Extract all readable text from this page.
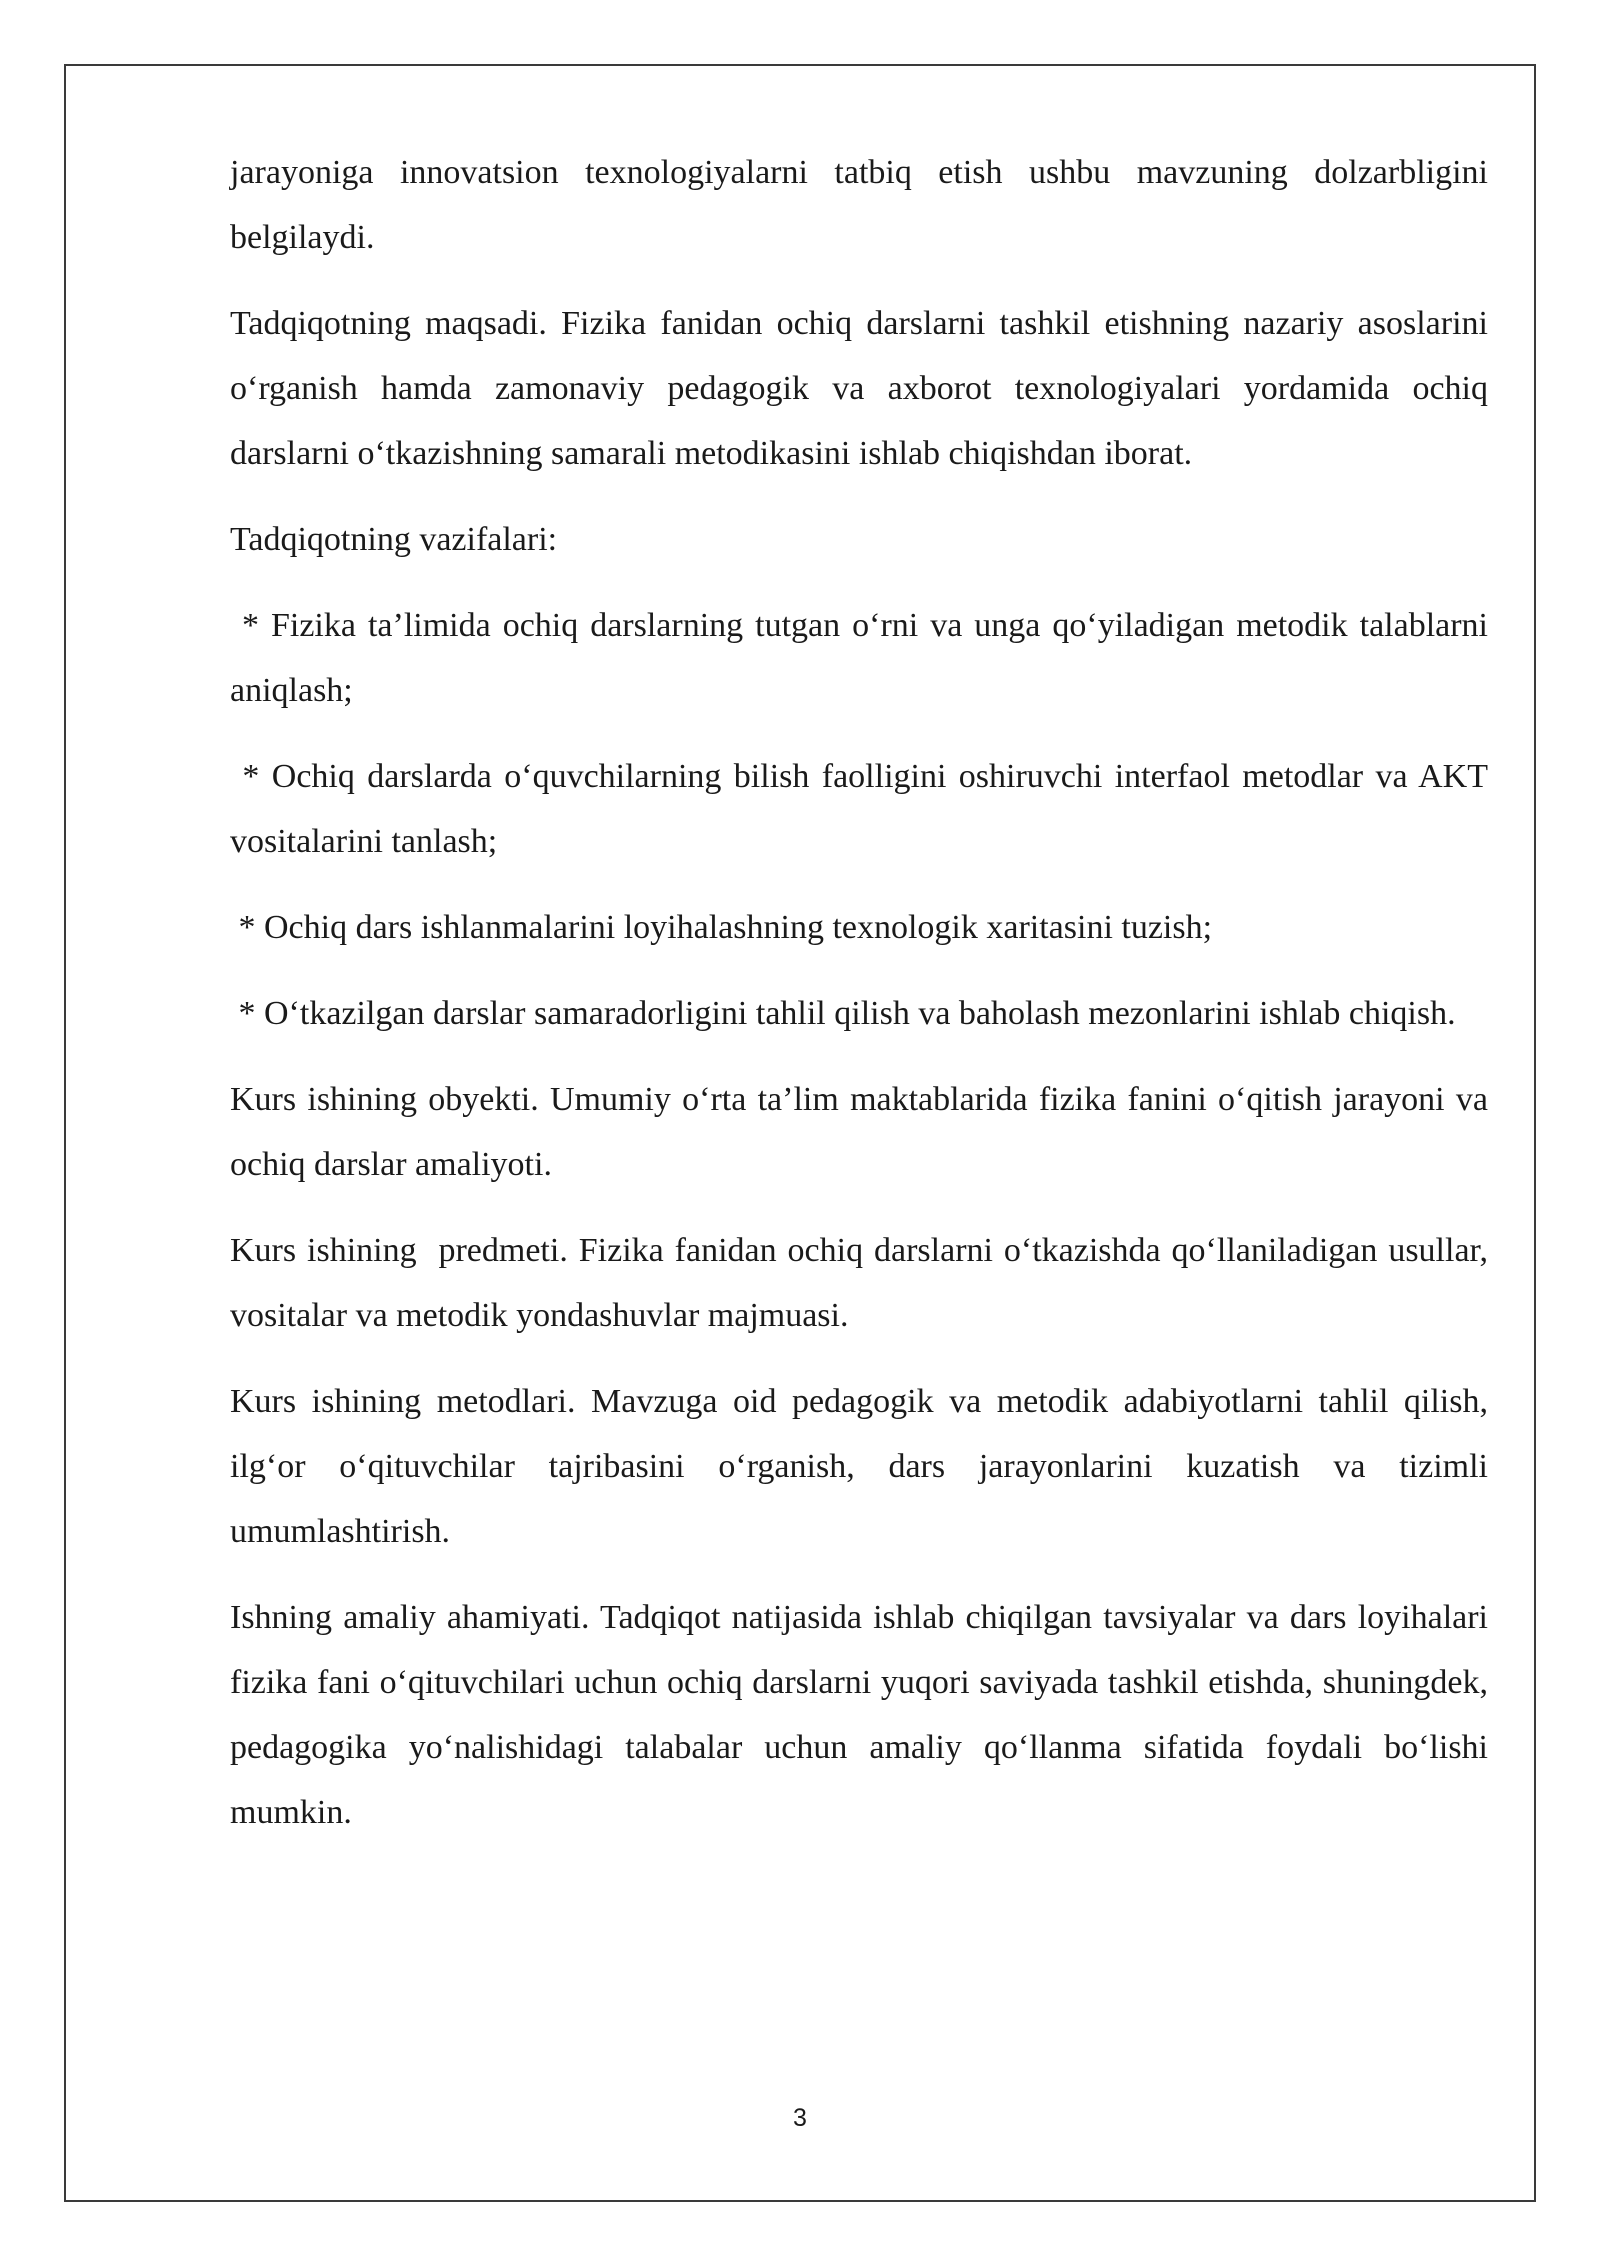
jarayoniga innovatsion texnologiyalarni tatbiq etish ushbu mavzuning dolzarbligini belgilaydi.

Tadqiqotning maqsadi. Fizika fanidan ochiq darslarni tashkil etishning nazariy asoslarini o‘rganish hamda zamonaviy pedagogik va axborot texnologiyalari yordamida ochiq darslarni o‘tkazishning samarali metodikasini ishlab chiqishdan iborat.

Tadqiqotning vazifalari:

* Fizika ta’limida ochiq darslarning tutgan o‘rni va unga qo‘yiladigan metodik talablarni aniqlash;

* Ochiq darslarda o‘quvchilarning bilish faolligini oshiruvchi interfaol metodlar va AKT vositalarini tanlash;

* Ochiq dars ishlanmalarini loyihalashning texnologik xaritasini tuzish;

* O‘tkazilgan darslar samaradorligini tahlil qilish va baholash mezonlarini ishlab chiqish.

Kurs ishining obyekti. Umumiy o‘rta ta’lim maktablarida fizika fanini o‘qitish jarayoni va ochiq darslar amaliyoti.

Kurs ishining  predmeti. Fizika fanidan ochiq darslarni o‘tkazishda qo‘llaniladigan usullar, vositalar va metodik yondashuvlar majmuasi.

Kurs ishining metodlari. Mavzuga oid pedagogik va metodik adabiyotlarni tahlil qilish, ilg‘or o‘qituvchilar tajribasini o‘rganish, dars jarayonlarini kuzatish va tizimli umumlashtirish.

Ishning amaliy ahamiyati. Tadqiqot natijasida ishlab chiqilgan tavsiyalar va dars loyihalari fizika fani o‘qituvchilari uchun ochiq darslarni yuqori saviyada tashkil etishda, shuningdek, pedagogika yo‘nalishidagi talabalar uchun amaliy qo‘llanma sifatida foydali bo‘lishi mumkin.

3
